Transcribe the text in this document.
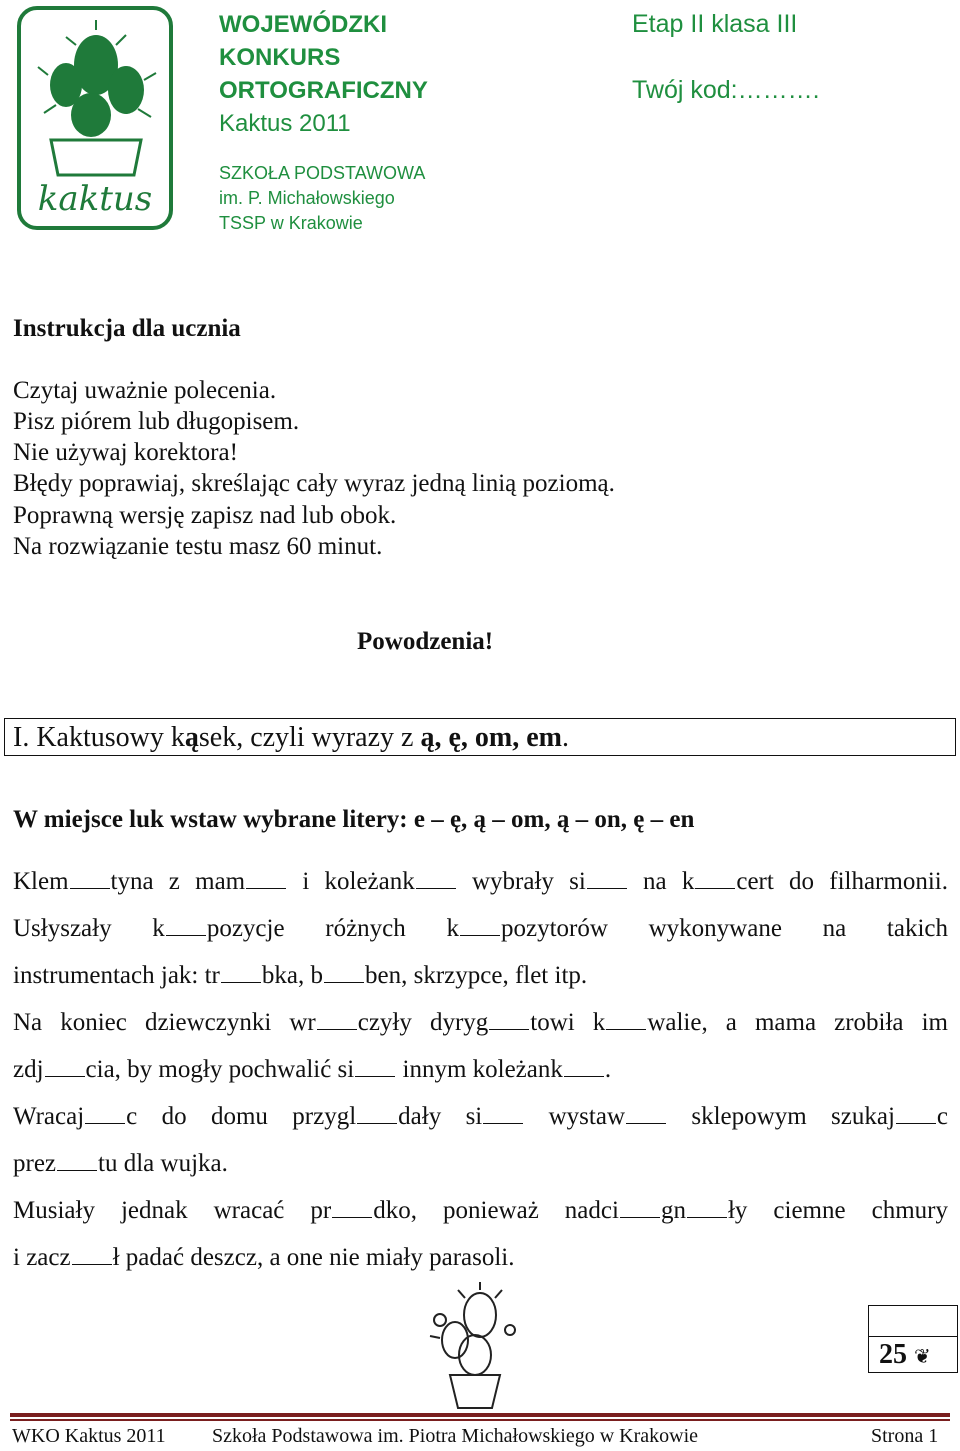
kaktus
WOJEWÓDZKI
KONKURS
ORTOGRAFICZNY
Kaktus 2011
SZKOŁA PODSTAWOWA
im. P. Michałowskiego
TSSP w Krakowie
Etap II klasa III
Twój kod:……….
Instrukcja dla ucznia
Czytaj uważnie polecenia.
Pisz piórem lub długopisem.
Nie używaj korektora!
Błędy poprawiaj, skreślając cały wyraz jedną linią poziomą.
Poprawną wersję zapisz nad lub obok.
Na rozwiązanie testu masz 60 minut.
Powodzenia!
I. Kaktusowy kąsek, czyli wyrazy z ą, ę, om, em.
W miejsce luk wstaw wybrane litery: e – ę, ą – om, ą – on, ę – en
Klem tyna z mam i koleżank wybrały si na k cert do filharmonii.
Usłyszały k pozycje różnych k pozytorów wykonywane na takich
instrumentach jak: tr bka, b ben, skrzypce, flet itp.
Na koniec dziewczynki wr czyły dyryg towi k walie, a mama zrobiła im
zdj cia, by mogły pochwalić si innym koleżank .
Wracaj c do domu przygl dały si wystaw sklepowym szukaj c
prez tu dla wujka.
Musiały jednak wracać pr dko, ponieważ nadci gn ły ciemne chmury
i zacz ł padać deszcz, a one nie miały parasoli.
25 ❦
WKO Kaktus 2011 Szkoła Podstawowa im. Piotra Michałowskiego w Krakowie	Strona 1
